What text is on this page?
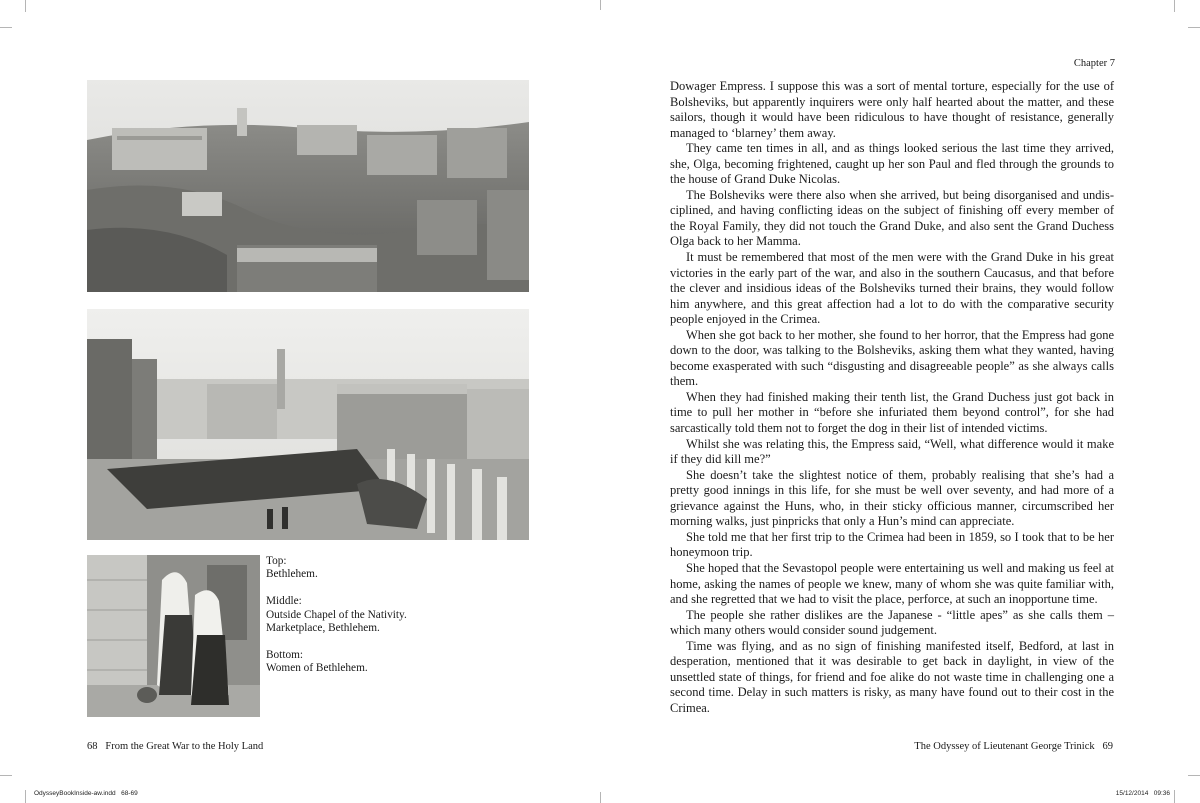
Top:
Bethlehem.

Middle:
Outside Chapel of the Nativity.
Marketplace, Bethlehem.

Bottom:
Women of Bethlehem.

68   From the Great War to the Holy Land
Chapter 7

Dowager Empress. I suppose this was a sort of mental torture, especially for the use of Bolsheviks, but apparently inquirers were only half hearted about the matter, and these sailors, though it would have been ridiculous to have thought of resistance, generally managed to ‘blarney’ them away.

They came ten times in all, and as things looked serious the last time they arrived, she, Olga, becoming frightened, caught up her son Paul and fled through the grounds to the house of Grand Duke Nicolas.

The Bolsheviks were there also when she arrived, but being disorganised and undisciplined, and having conflicting ideas on the subject of finishing off every member of the Royal Family, they did not touch the Grand Duke, and also sent the Grand Duchess Olga back to her Mamma.

It must be remembered that most of the men were with the Grand Duke in his great victories in the early part of the war, and also in the southern Caucasus, and that before the clever and insidious ideas of the Bolsheviks turned their brains, they would follow him anywhere, and this great affection had a lot to do with the comparative security people enjoyed in the Crimea.

When she got back to her mother, she found to her horror, that the Empress had gone down to the door, was talking to the Bolsheviks, asking them what they wanted, having become exasperated with such “disgusting and disagreeable people” as she always calls them.

When they had finished making their tenth list, the Grand Duchess just got back in time to pull her mother in “before she infuriated them beyond control”, for she had sarcastically told them not to forget the dog in their list of intended victims.

Whilst she was relating this, the Empress said, “Well, what difference would it make if they did kill me?”

She doesn’t take the slightest notice of them, probably realising that she’s had a pretty good innings in this life, for she must be well over seventy, and had more of a grievance against the Huns, who, in their sticky officious manner, circumscribed her morning walks, just pinpricks that only a Hun’s mind can appreciate.

She told me that her first trip to the Crimea had been in 1859, so I took that to be her honeymoon trip.

She hoped that the Sevastopol people were entertaining us well and making us feel at home, asking the names of people we knew, many of whom she was quite familiar with, and she regretted that we had to visit the place, perforce, at such an inopportune time.

The people she rather dislikes are the Japanese - “little apes” as she calls them –which many others would consider sound judgement.

Time was flying, and as no sign of finishing manifested itself, Bedford, at last in desperation, mentioned that it was desirable to get back in daylight, in view of the unsettled state of things, for friend and foe alike do not waste time in challenging one a second time. Delay in such matters is risky, as many have found out to their cost in the Crimea.

The Odyssey of Lieutenant George Trinick   69
OdysseyBookInside-aw.indd   68-69	15/12/2014   09:36
